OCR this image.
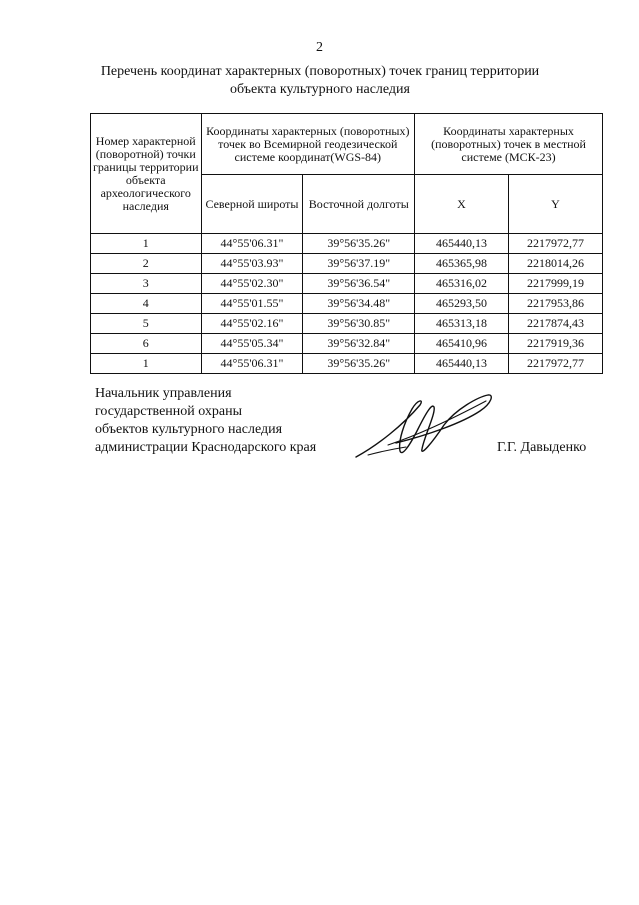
2
Перечень координат характерных (поворотных) точек границ территории
объекта культурного наследия
Номер характерной (поворотной) точки границы территории объекта археологического наследия	Координаты характерных (поворотных) точек во Всемирной геодезической системе координат(WGS-84)		Координаты характерных (поворотных) точек в местной системе (МСК-23)	
	Северной широты	Восточной долготы	X	Y
1	44°55'06.31"	39°56'35.26"	465440,13	2217972,77
2	44°55'03.93"	39°56'37.19"	465365,98	2218014,26
3	44°55'02.30"	39°56'36.54"	465316,02	2217999,19
4	44°55'01.55"	39°56'34.48"	465293,50	2217953,86
5	44°55'02.16"	39°56'30.85"	465313,18	2217874,43
6	44°55'05.34"	39°56'32.84"	465410,96	2217919,36
1	44°55'06.31"	39°56'35.26"	465440,13	2217972,77
Начальник управления
государственной охраны
объектов культурного наследия
администрации Краснодарского края	Г.Г. Давыденко
